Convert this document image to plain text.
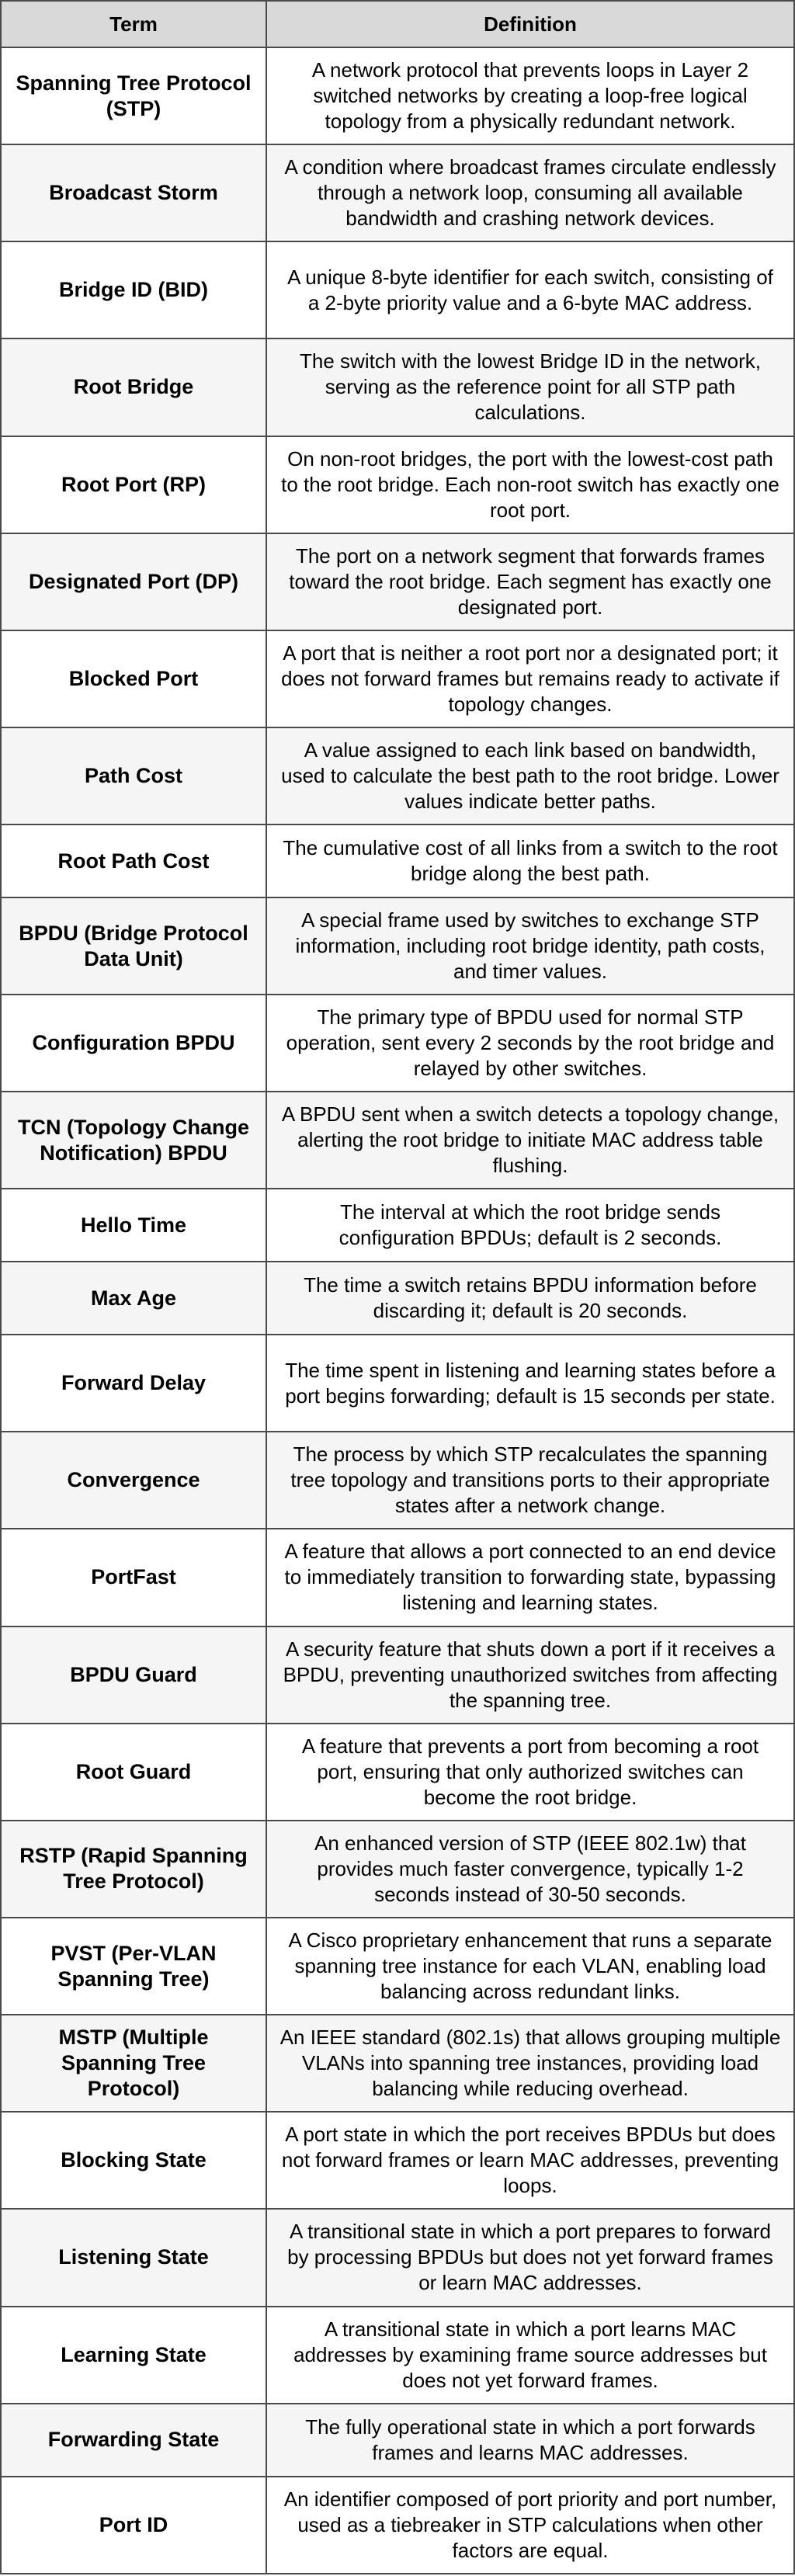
Term	Definition
Spanning Tree Protocol (STP)	A network protocol that prevents loops in Layer 2 switched networks by creating a loop-free logical topology from a physically redundant network.
Broadcast Storm	A condition where broadcast frames circulate endlessly through a network loop, consuming all available bandwidth and crashing network devices.
Bridge ID (BID)	A unique 8-byte identifier for each switch, consisting of a 2-byte priority value and a 6-byte MAC address.
Root Bridge	The switch with the lowest Bridge ID in the network, serving as the reference point for all STP path calculations.
Root Port (RP)	On non-root bridges, the port with the lowest-cost path to the root bridge. Each non-root switch has exactly one root port.
Designated Port (DP)	The port on a network segment that forwards frames toward the root bridge. Each segment has exactly one designated port.
Blocked Port	A port that is neither a root port nor a designated port; it does not forward frames but remains ready to activate if topology changes.
Path Cost	A value assigned to each link based on bandwidth, used to calculate the best path to the root bridge. Lower values indicate better paths.
Root Path Cost	The cumulative cost of all links from a switch to the root bridge along the best path.
BPDU (Bridge Protocol Data Unit)	A special frame used by switches to exchange STP information, including root bridge identity, path costs, and timer values.
Configuration BPDU	The primary type of BPDU used for normal STP operation, sent every 2 seconds by the root bridge and relayed by other switches.
TCN (Topology Change Notification) BPDU	A BPDU sent when a switch detects a topology change, alerting the root bridge to initiate MAC address table flushing.
Hello Time	The interval at which the root bridge sends configuration BPDUs; default is 2 seconds.
Max Age	The time a switch retains BPDU information before discarding it; default is 20 seconds.
Forward Delay	The time spent in listening and learning states before a port begins forwarding; default is 15 seconds per state.
Convergence	The process by which STP recalculates the spanning tree topology and transitions ports to their appropriate states after a network change.
PortFast	A feature that allows a port connected to an end device to immediately transition to forwarding state, bypassing listening and learning states.
BPDU Guard	A security feature that shuts down a port if it receives a BPDU, preventing unauthorized switches from affecting the spanning tree.
Root Guard	A feature that prevents a port from becoming a root port, ensuring that only authorized switches can become the root bridge.
RSTP (Rapid Spanning Tree Protocol)	An enhanced version of STP (IEEE 802.1w) that provides much faster convergence, typically 1-2 seconds instead of 30-50 seconds.
PVST (Per-VLAN Spanning Tree)	A Cisco proprietary enhancement that runs a separate spanning tree instance for each VLAN, enabling load balancing across redundant links.
MSTP (Multiple Spanning Tree Protocol)	An IEEE standard (802.1s) that allows grouping multiple VLANs into spanning tree instances, providing load balancing while reducing overhead.
Blocking State	A port state in which the port receives BPDUs but does not forward frames or learn MAC addresses, preventing loops.
Listening State	A transitional state in which a port prepares to forward by processing BPDUs but does not yet forward frames or learn MAC addresses.
Learning State	A transitional state in which a port learns MAC addresses by examining frame source addresses but does not yet forward frames.
Forwarding State	The fully operational state in which a port forwards frames and learns MAC addresses.
Port ID	An identifier composed of port priority and port number, used as a tiebreaker in STP calculations when other factors are equal.
